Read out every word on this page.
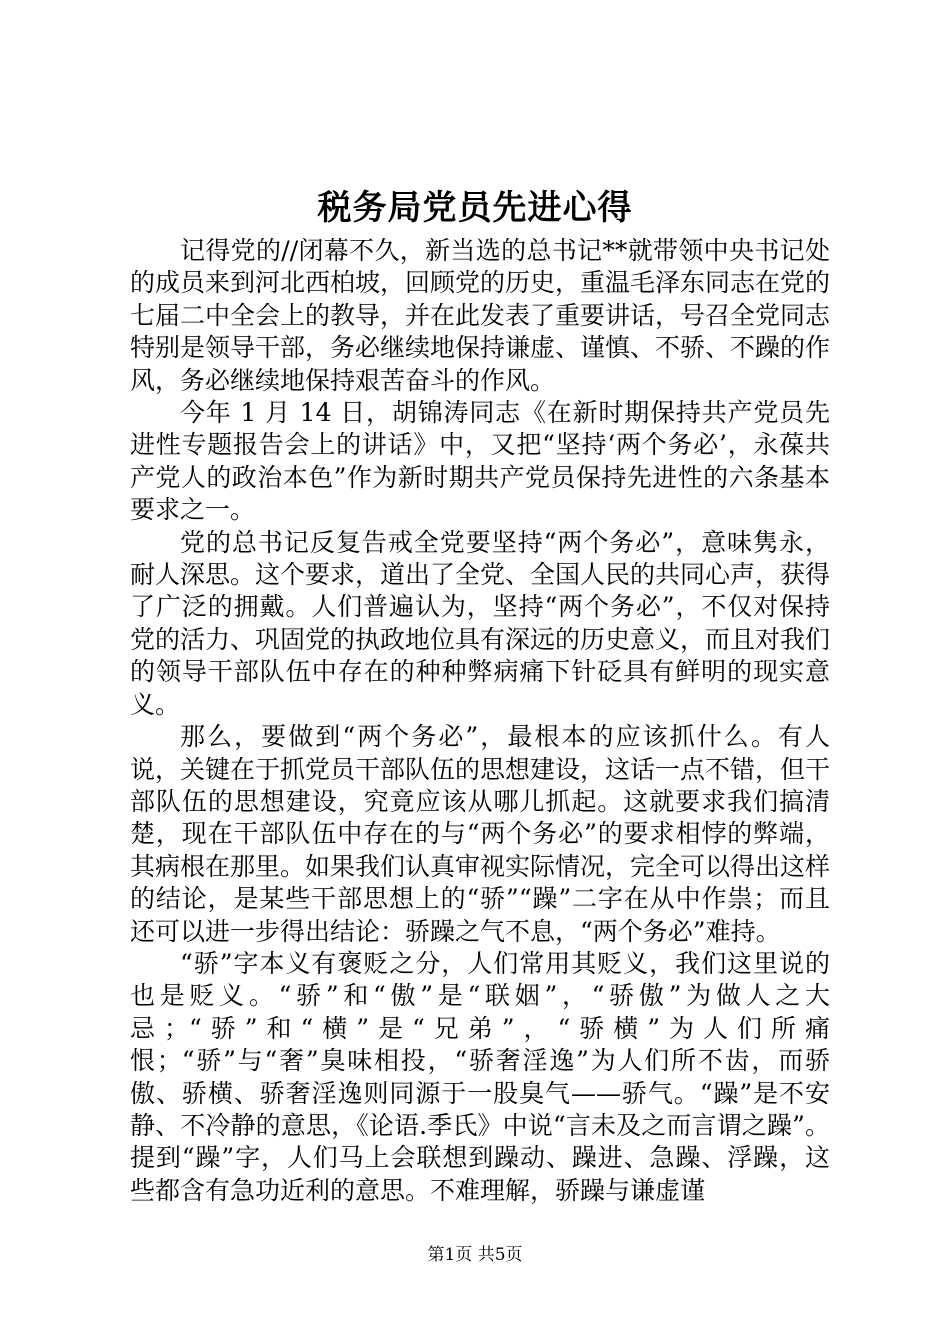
税务局党员先进心得

记得党的//闭幕不久，新当选的总书记**就带领中央书记处的成员来到河北西柏坡，回顾党的历史，重温毛泽东同志在党的七届二中全会上的教导，并在此发表了重要讲话，号召全党同志特别是领导干部，务必继续地保持谦虚、谨慎、不骄、不躁的作风，务必继续地保持艰苦奋斗的作风。

今年 1 月 14 日，胡锦涛同志《在新时期保持共产党员先进性专题报告会上的讲话》中，又把“坚持‘两个务必’，永葆共产党人的政治本色”作为新时期共产党员保持先进性的六条基本要求之一。

党的总书记反复告戒全党要坚持“两个务必”，意味隽永，耐人深思。这个要求，道出了全党、全国人民的共同心声，获得了广泛的拥戴。人们普遍认为，坚持“两个务必”，不仅对保持党的活力、巩固党的执政地位具有深远的历史意义，而且对我们的领导干部队伍中存在的种种弊病痛下针砭具有鲜明的现实意义。

那么，要做到“两个务必”，最根本的应该抓什么。有人说，关键在于抓党员干部队伍的思想建设，这话一点不错，但干部队伍的思想建设，究竟应该从哪儿抓起。这就要求我们搞清楚，现在干部队伍中存在的与“两个务必”的要求相悖的弊端，其病根在那里。如果我们认真审视实际情况，完全可以得出这样的结论，是某些干部思想上的“骄”“躁”二字在从中作祟；而且还可以进一步得出结论：骄躁之气不息，“两个务必”难持。

“骄”字本义有褒贬之分，人们常用其贬义，我们这里说的也是贬义。“骄”和“傲”是“联姻”，“骄傲”为做人之大忌；“骄”和“横”是“兄弟”，“骄横”为人们所痛恨；“骄”与“奢”臭味相投，“骄奢淫逸”为人们所不齿，而骄傲、骄横、骄奢淫逸则同源于一股臭气——骄气。“躁”是不安静、不冷静的意思，《论语.季氏》中说“言未及之而言谓之躁”。提到“躁”字，人们马上会联想到躁动、躁进、急躁、浮躁，这些都含有急功近利的意思。不难理解，骄躁与谦虚谨

第1页 共5页
